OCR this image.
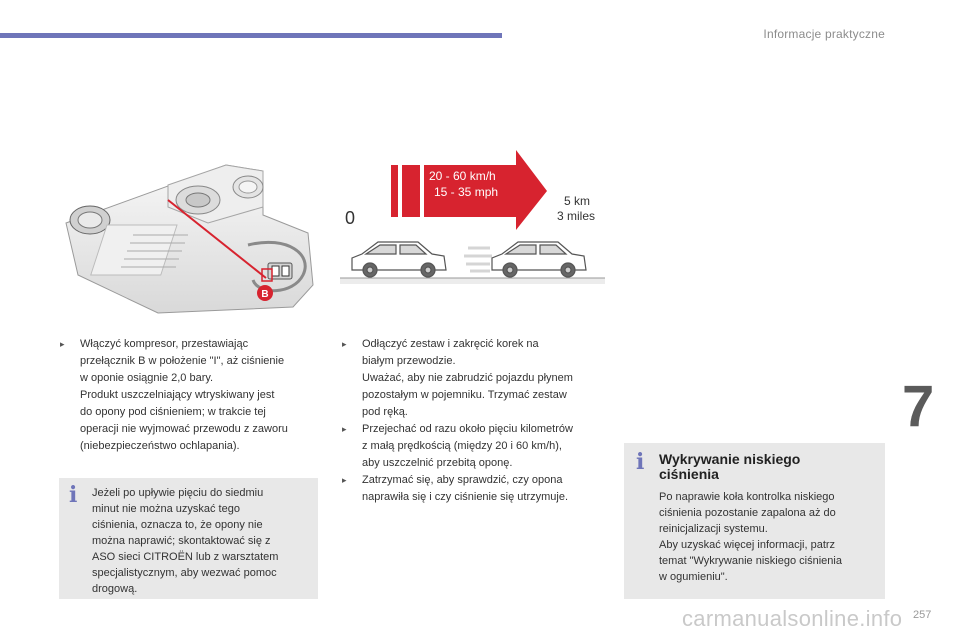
Informacje praktyczne
7
B
20 - 60 km/h
15 - 35 mph
0
5 km
3 miles
▸ Włączyć kompresor, przestawiając
przełącznik B w położenie "I", aż ciśnienie
w oponie osiągnie 2,0 bary.
Produkt uszczelniający wtryskiwany jest
do opony pod ciśnieniem; w trakcie tej
operacji nie wyjmować przewodu z zaworu
(niebezpieczeństwo ochlapania).
i Jeżeli po upływie pięciu do siedmiu
minut nie można uzyskać tego
ciśnienia, oznacza to, że opony nie
można naprawić; skontaktować się z
ASO sieci CITROËN lub z warsztatem
specjalistycznym, aby wezwać pomoc
drogową.
▸ Odłączyć zestaw i zakręcić korek na
białym przewodzie.
Uważać, aby nie zabrudzić pojazdu płynem
pozostałym w pojemniku. Trzymać zestaw
pod ręką.
▸ Przejechać od razu około pięciu kilometrów
z małą prędkością (między 20 i 60 km/h),
aby uszczelnić przebitą oponę.
▸ Zatrzymać się, aby sprawdzić, czy opona
naprawiła się i czy ciśnienie się utrzymuje.
i Wykrywanie niskiego
ciśnienia
Po naprawie koła kontrolka niskiego
ciśnienia pozostanie zapalona aż do
reinicjalizacji systemu.
Aby uzyskać więcej informacji, patrz
temat "Wykrywanie niskiego ciśnienia
w ogumieniu".
257
carmanualsonline.info
